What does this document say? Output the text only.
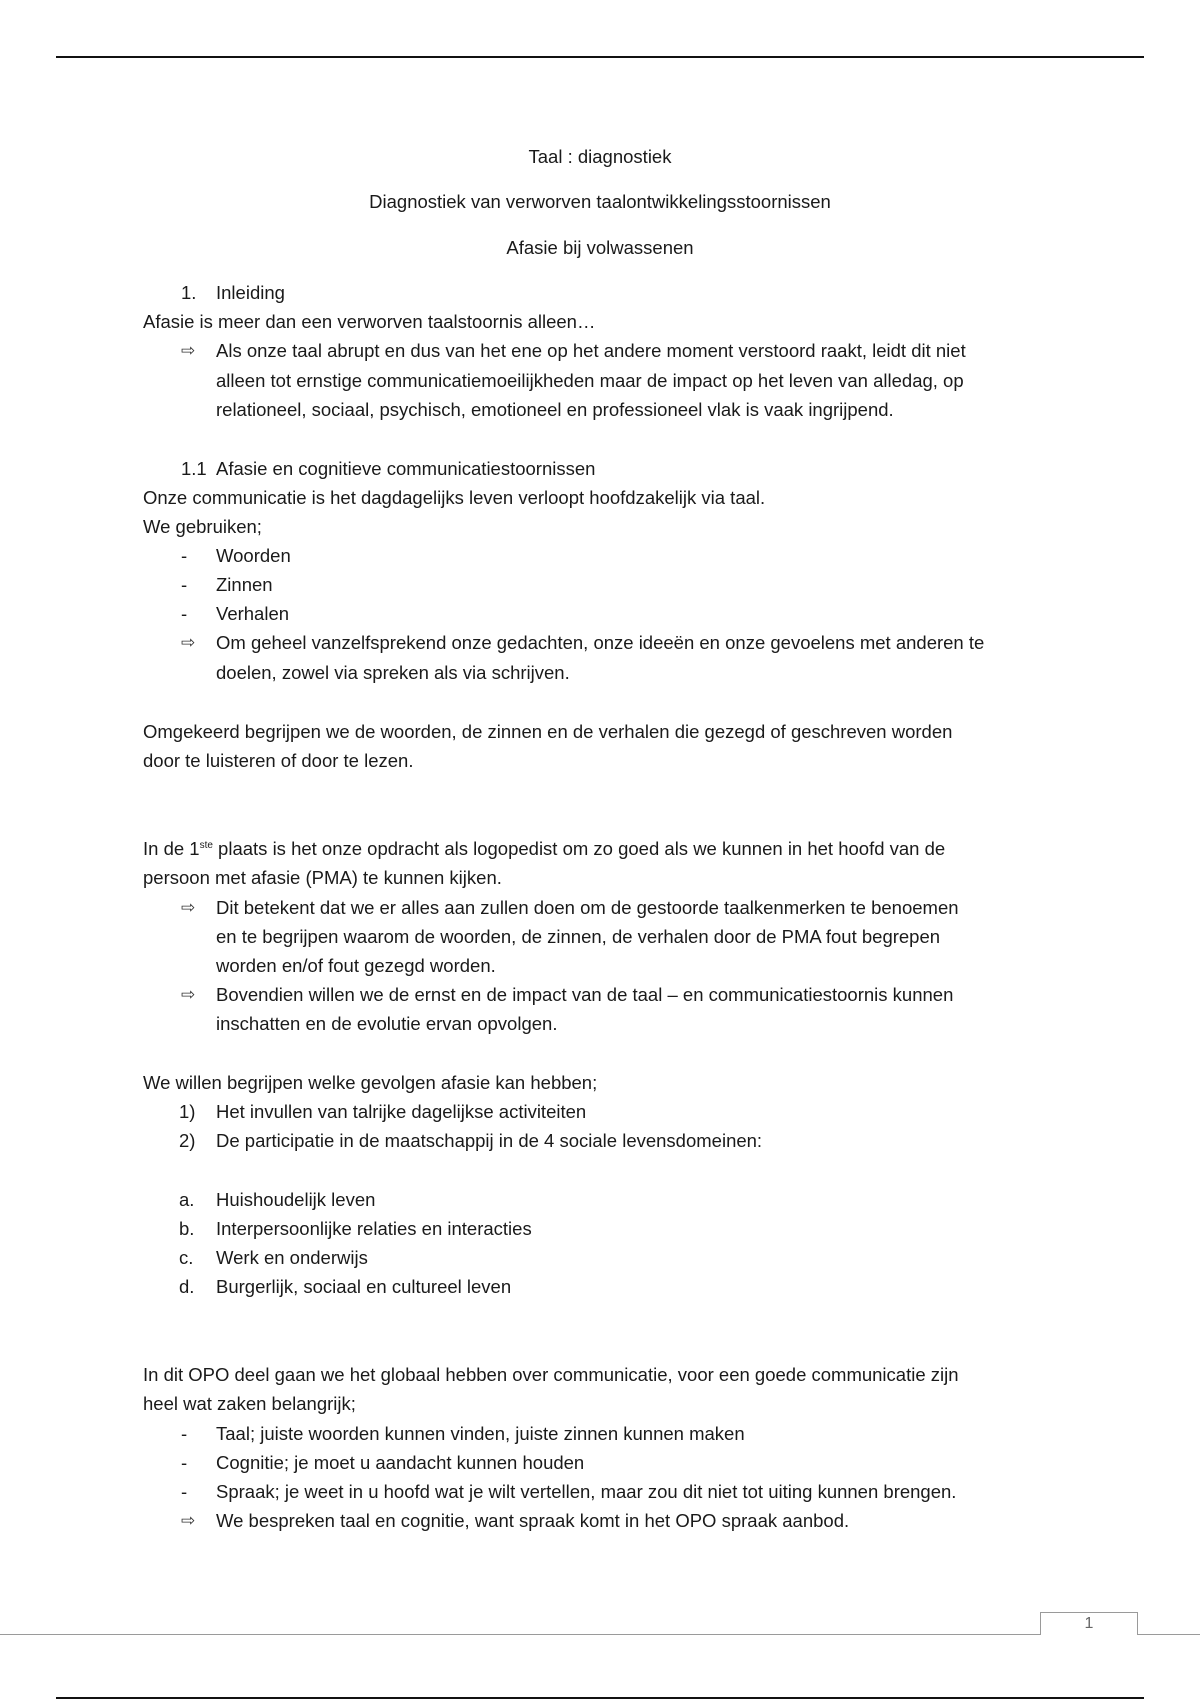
Taal : diagnostiek
Diagnostiek van verworven taalontwikkelingsstoornissen
Afasie bij volwassenen
1.	Inleiding
Afasie is meer dan een verworven taalstoornis alleen…
⇨ Als onze taal abrupt en dus van het ene op het andere moment verstoord raakt, leidt dit niet
alleen tot ernstige communicatiemoeilijkheden maar de impact op het leven van alledag, op
relationeel, sociaal, psychisch, emotioneel en professioneel vlak is vaak ingrijpend.
1.1 Afasie en cognitieve communicatiestoornissen
Onze communicatie is het dagdagelijks leven verloopt hoofdzakelijk via taal.
We gebruiken;
- Woorden
- Zinnen
- Verhalen
⇨ Om geheel vanzelfsprekend onze gedachten, onze ideeën en onze gevoelens met anderen te
doelen, zowel via spreken als via schrijven.
Omgekeerd begrijpen we de woorden, de zinnen en de verhalen die gezegd of geschreven worden
door te luisteren of door te lezen.
In de 1ste plaats is het onze opdracht als logopedist om zo goed als we kunnen in het hoofd van de
persoon met afasie (PMA) te kunnen kijken.
⇨ Dit betekent dat we er alles aan zullen doen om de gestoorde taalkenmerken te benoemen
en te begrijpen waarom de woorden, de zinnen, de verhalen door de PMA fout begrepen
worden en/of fout gezegd worden.
⇨ Bovendien willen we de ernst en de impact van de taal – en communicatiestoornis kunnen
inschatten en de evolutie ervan opvolgen.
We willen begrijpen welke gevolgen afasie kan hebben;
1) Het invullen van talrijke dagelijkse activiteiten
2) De participatie in de maatschappij in de 4 sociale levensdomeinen:
a. Huishoudelijk leven
b. Interpersoonlijke relaties en interacties
c. Werk en onderwijs
d. Burgerlijk, sociaal en cultureel leven
In dit OPO deel gaan we het globaal hebben over communicatie, voor een goede communicatie zijn
heel wat zaken belangrijk;
- Taal; juiste woorden kunnen vinden, juiste zinnen kunnen maken
- Cognitie; je moet u aandacht kunnen houden
- Spraak; je weet in u hoofd wat je wilt vertellen, maar zou dit niet tot uiting kunnen brengen.
⇨ We bespreken taal en cognitie, want spraak komt in het OPO spraak aanbod.
1
